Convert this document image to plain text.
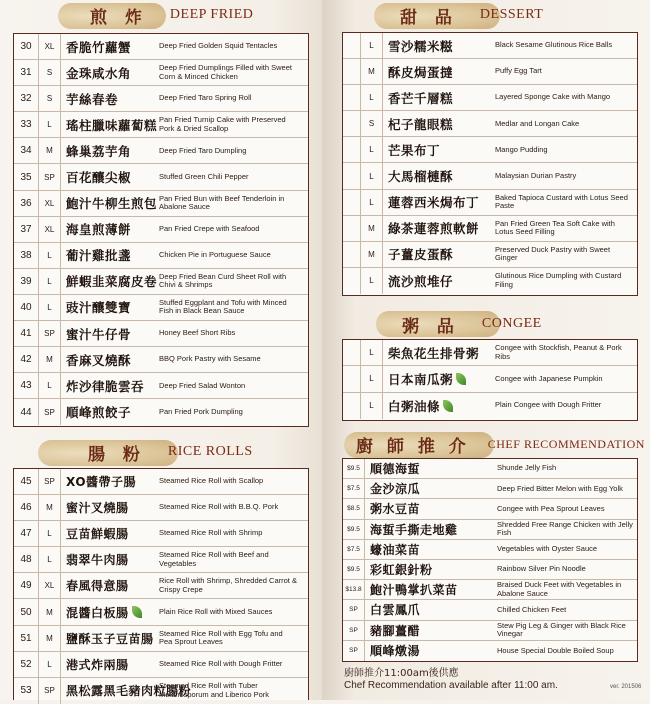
煎 炸 DEEP FRIED
30	XL 香脆竹蘿蟹	Deep Fried Golden Squid Tentacles
31	S	金珠咸水角	Deep Fried Dumplings Filled with Sweet Corn & Minced Chicken
32	S	芋絲春卷	Deep Fried Taro Spring Roll
33	L	瑤柱臘味蘿蔔糕 Pan Fried Turnip Cake with Preserved Pork & Dried Scallop
34	M	蜂巢荔芋角	Deep Fried Taro Dumpling
35	SP 百花釀尖椒	Stuffed Green Chili Pepper
36	XL 鮑汁牛柳生煎包 Pan Fried Bun with Beef Tenderloin in Abalone Sauce
37	XL 海皇煎薄餅	Pan Fried Crepe with Seafood
38	L	葡汁雞批盞	Chicken Pie in Portuguese Sauce
39	L	鮮蝦韭菜腐皮卷 Deep Fried Bean Curd Sheet Roll with Chivi & Shrimps
40	L	豉汁釀雙寶	Stuffed Eggplant and Tofu with Minced Fish in Black Bean Sauce
41	SP 蜜汁牛仔骨	Honey Beef Short Ribs
42	M	香麻叉燒酥	BBQ Pork Pastry with Sesame
43	L	炸沙律脆雲吞 Deep Fried Salad Wonton
44	SP 順峰煎餃子	Pan Fried Pork Dumpling
腸 粉 RICE ROLLS
45	SP XO醬帶子腸	Steamed Rice Roll with Scallop
46	M	蜜汁叉燒腸	Steamed Rice Roll with B.B.Q. Pork
47	L	豆苗鮮蝦腸	Steamed Rice Roll with Shrimp
48	L	翡翠牛肉腸	Steamed Rice Roll with Beef and Vegetables
49	XL 春風得意腸	Rice Roll with Shrimp, Shredded Carrot & Crispy Crepe
50	M	混醬白板腸	Plain Rice Roll with Mixed Sauces
51	M	鹽酥玉子豆苗腸 Steamed Rice Roll with Egg Tofu and Pea Sprout Leaves
52	L	港式炸兩腸	Steamed Rice Roll with Dough Fritter
53	SP 黑松露黑毛豬肉粒腸粉
Steamed Rice Roll with Tuber Melanosporum and Liberico Pork
甜 品 DESSERT
L	雪沙糯米糍	Black Sesame Glutinous Rice Balls
M	酥皮焗蛋撻	Puffy Egg Tart
L	香芒千層糕	Layered Sponge Cake with Mango
S	杞子龍眼糕	Medlar and Longan Cake
L	芒果布丁	Mango Pudding
L	大馬榴槤酥	Malaysian Durian Pastry
L	蓮蓉西米焗布丁 Baked Tapioca Custard with Lotus Seed Paste
M	綠茶蓮蓉煎軟餅 Pan Fried Green Tea Soft Cake with Lotus Seed Filling
M	子薑皮蛋酥	Preserved Duck Pastry with Sweet Ginger
L	流沙煎堆仔	Glutinous Rice Dumpling with Custard Filing
粥 品 CONGEE
L	柴魚花生排骨粥 Congee with Stockfish, Peanut & Pork Ribs
L	日本南瓜粥	Congee with Japanese Pumpkin
L	白粥油條	Plain Congee with Dough Fritter
廚 師 推 介 CHEF RECOMMENDATION
$9.5 順德海蜇	Shunde Jelly Fish
$7.5 金沙涼瓜	Deep Fried Bitter Melon with Egg Yolk
$8.5 粥水豆苗	Congee with Pea Sprout Leaves
$9.5 海蜇手撕走地雞	Shredded Free Range Chicken with Jelly Fish
$7.5 蠔油菜苗	Vegetables with Oyster Sauce
$9.5 彩虹銀針粉	Rainbow Silver Pin Noodle
$13.8 鮑汁鴨掌扒菜苗	Braised Duck Feet with Vegetables in Abalone Sauce
SP	白雲鳳爪	Chilled Chicken Feet
SP	豬腳薑醋	Stew Pig Leg & Ginger with Black Rice Vinegar
SP	順峰燉湯	House Special Double Boiled Soup
廚師推介11:00am後供應
Chef Recommendation available after 11:00 am.	ver. 201506
